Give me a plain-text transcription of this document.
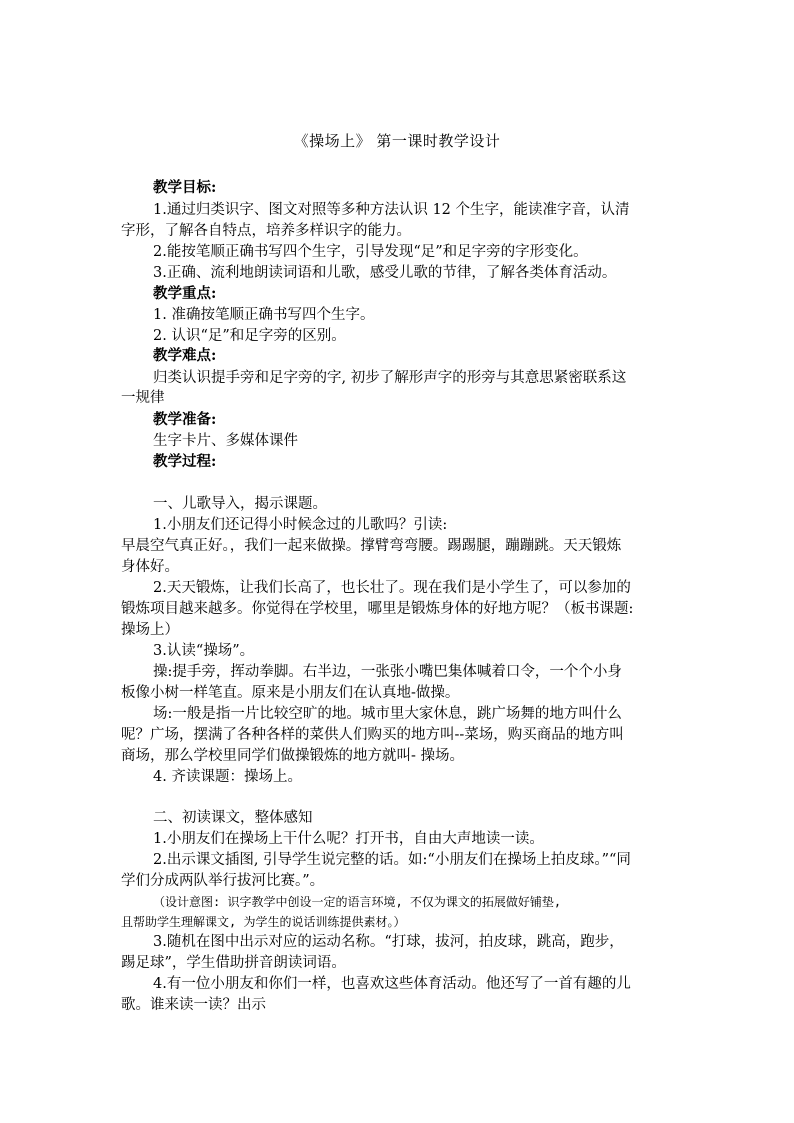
《操场上》 第一课时教学设计
教学目标:
1.通过归类识字、图文对照等多种方法认识 12 个生字，能读准字音，认清
字形，了解各自特点，培养多样识字的能力。
2.能按笔顺正确书写四个生字，引导发现“足”和足字旁的字形变化。
3.正确、流利地朗读词语和儿歌，感受儿歌的节律，了解各类体育活动。
教学重点:
1. 准确按笔顺正确书写四个生字。
2. 认识“足”和足字旁的区别。
教学难点:
归类认识提手旁和足字旁的字, 初步了解形声字的形旁与其意思紧密联系这
一规律
教学准备:
生字卡片、多媒体课件
教学过程:
一、儿歌导入，揭示课题。
1.小朋友们还记得小时候念过的儿歌吗？引读:
早晨空气真正好。，我们一起来做操。撑臂弯弯腰。踢踢腿，蹦蹦跳。天天锻炼
身体好。
2.天天锻炼，让我们长高了，也长壮了。现在我们是小学生了，可以参加的
锻炼项目越来越多。你觉得在学校里，哪里是锻炼身体的好地方呢？（板书课题:
操场上）
3.认读“操场”。
操:提手旁，挥动拳脚。右半边，一张张小嘴巴集体喊着口令，一个个小身
板像小树一样笔直。原来是小朋友们在认真地-做操。
场:一般是指一片比较空旷的地。城市里大家休息，跳广场舞的地方叫什么
呢？广场，摆满了各种各样的菜供人们购买的地方叫--菜场，购买商品的地方叫
商场，那么学校里同学们做操锻炼的地方就叫- 操场。
4. 齐读课题：操场上。
二、初读课文，整体感知
1.小朋友们在操场上干什么呢？打开书，自由大声地读一读。
2.出示课文插图, 引导学生说完整的话。如:“小朋友们在操场上拍皮球。”“同
学们分成两队举行拔河比赛。”。
（设计意图: 识字教学中创设一定的语言环境, 不仅为课文的拓展做好铺垫,
且帮助学生理解课文, 为学生的说话训练提供素材。）
3.随机在图中出示对应的运动名称。“打球，拔河，拍皮球，跳高，跑步，
踢足球”，学生借助拼音朗读词语。
4.有一位小朋友和你们一样，也喜欢这些体育活动。他还写了一首有趣的儿
歌。谁来读一读？出示
